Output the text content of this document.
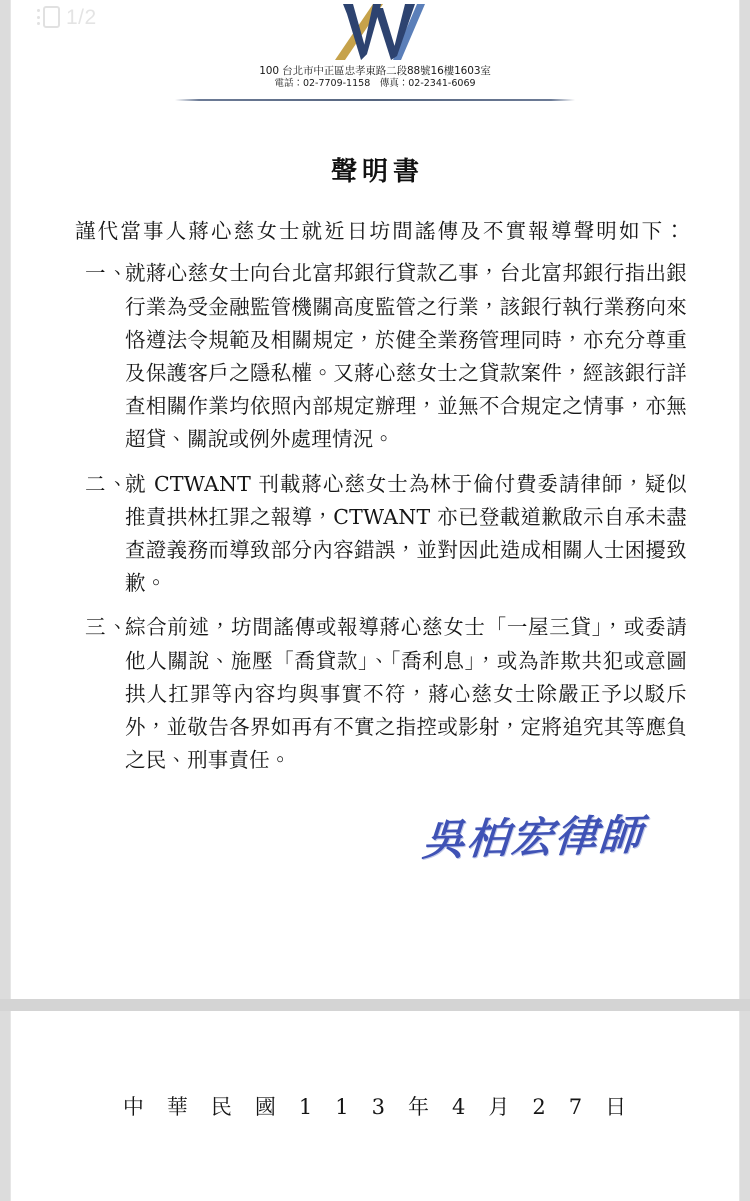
1/2
100 台北市中正區忠孝東路二段88號16樓1603室
電話：02-7709-1158　傳真：02-2341-6069
聲明書

謹代當事人蔣心慈女士就近日坊間謠傳及不實報導聲明如下：

一、
就蔣心慈女士向台北富邦銀行貸款乙事，台北富邦銀行指出銀行業為受金融監管機關高度監管之行業，該銀行執行業務向來恪遵法令規範及相關規定，於健全業務管理同時，亦充分尊重及保護客戶之隱私權。又蔣心慈女士之貸款案件，經該銀行詳查相關作業均依照內部規定辦理，並無不合規定之情事，亦無超貸、關說或例外處理情況。
二、
就 CTWANT 刊載蔣心慈女士為林于倫付費委請律師，疑似推責拱林扛罪之報導，CTWANT 亦已登載道歉啟示自承未盡查證義務而導致部分內容錯誤，並對因此造成相關人士困擾致歉。
三、
綜合前述，坊間謠傳或報導蔣心慈女士「一屋三貸」，或委請他人關說、施壓「喬貸款」、「喬利息」，或為詐欺共犯或意圖拱人扛罪等內容均與事實不符，蔣心慈女士除嚴正予以駁斥外，並敬告各界如再有不實之指控或影射，定將追究其等應負之民、刑事責任。
吳柏宏律師
中　華　民　國　1　1　3　年　4　月　2　7　日
